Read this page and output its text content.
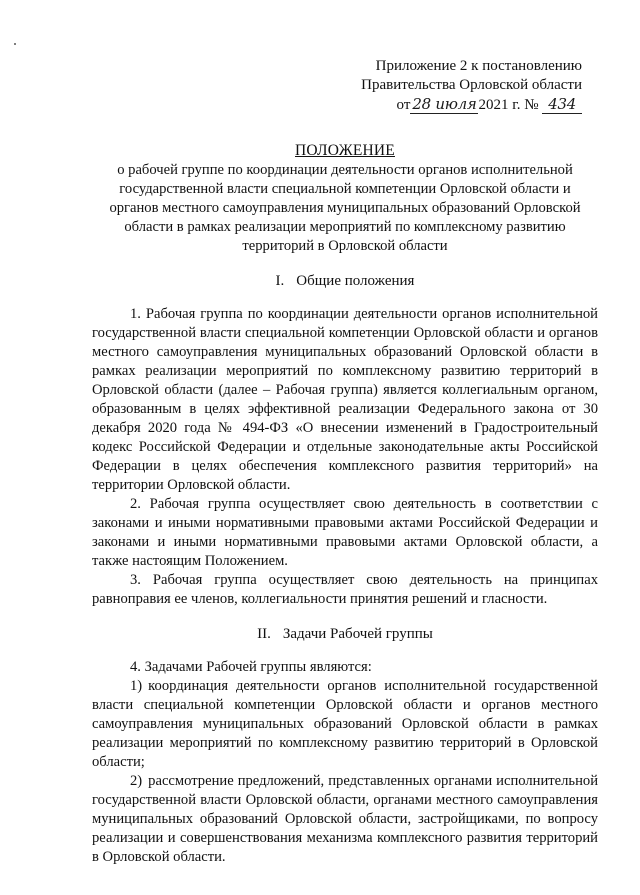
Приложение 2 к постановлению
Правительства Орловской области
от 28 июля 2021 г. № 434
ПОЛОЖЕНИЕ

о рабочей группе по координации деятельности органов исполнительной
государственной власти специальной компетенции Орловской области и
органов местного самоуправления муниципальных образований Орловской
области в рамках реализации мероприятий по комплексному развитию
территорий в Орловской области

I. Общие положения

1. Рабочая группа по координации деятельности органов исполнительной государственной власти специальной компетенции Орловской области и органов местного самоуправления муниципальных образований Орловской области в рамках реализации мероприятий по комплексному развитию территорий в Орловской области (далее – Рабочая группа) является коллегиальным органом, образованным в целях эффективной реализации Федерального закона от 30 декабря 2020 года № 494-ФЗ «О внесении изменений в Градостроительный кодекс Российской Федерации и отдельные законодательные акты Российской Федерации в целях обеспечения комплексного развития территорий» на территории Орловской области.

2. Рабочая группа осуществляет свою деятельность в соответствии с законами и иными нормативными правовыми актами Российской Федерации и законами и иными нормативными правовыми актами Орловской области, а также настоящим Положением.

3. Рабочая группа осуществляет свою деятельность на принципах равноправия ее членов, коллегиальности принятия решений и гласности.

II. Задачи Рабочей группы

4. Задачами Рабочей группы являются:

1) координация деятельности органов исполнительной государственной власти специальной компетенции Орловской области и органов местного самоуправления муниципальных образований Орловской области в рамках реализации мероприятий по комплексному развитию территорий в Орловской области;

2) рассмотрение предложений, представленных органами исполнительной государственной власти Орловской области, органами местного самоуправления муниципальных образований Орловской области, застройщиками, по вопросу реализации и совершенствования механизма комплексного развития территорий в Орловской области.
